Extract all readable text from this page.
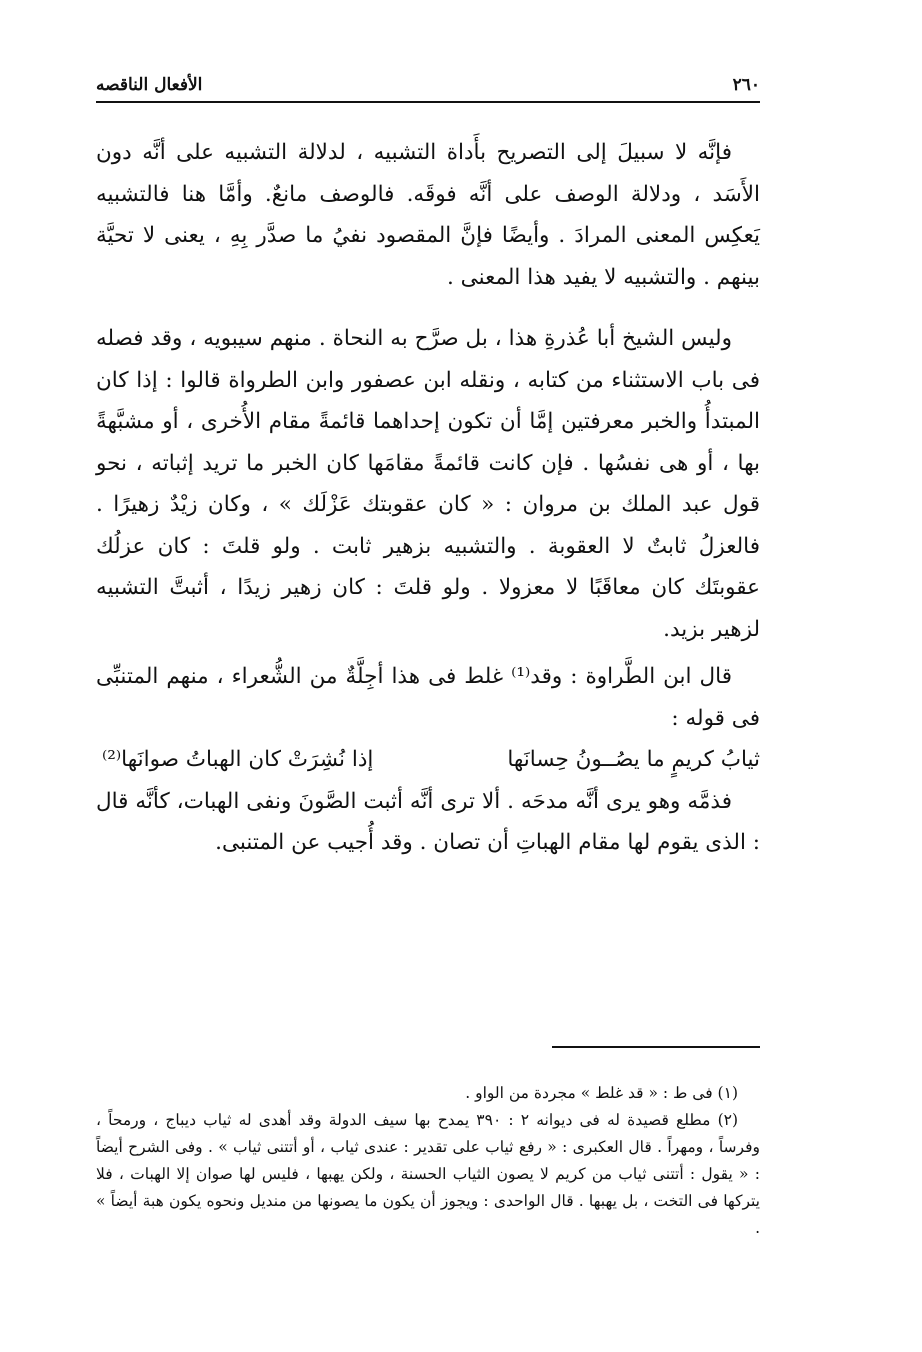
٢٦٠
الأفعال الناقصه

فإنَّه لا سبيلَ إلى التصريح بأَداة التشبيه ، لدلالة التشبيه على أنَّه دون الأَسَد ، ودلالة الوصف على أنَّه فوقَه. فالوصف مانعٌ. وأمَّا هنا فالتشبيه يَعكِس المعنى المرادَ . وأيضًا فإنَّ المقصود نفيُ ما صدَّر بِهِ ، يعنى لا تحيَّة بينهم . والتشبيه لا يفيد هذا المعنى .

وليس الشيخ أبا عُذرةِ هذا ، بل صرَّح به النحاة . منهم سيبويه ، وقد فصله فى باب الاستثناء من كتابه ، ونقله ابن عصفور وابن الطرواة قالوا : إذا كان المبتدأُ والخبر معرفتين إمَّا أن تكون إحداهما قائمةً مقام الأُخرى ، أو مشبَّهةً بها ، أو هى نفسُها . فإن كانت قائمةً مقامَها كان الخبر ما تريد إثباته ، نحو قول عبد الملك بن مروان : « كان عقوبتك عَزْلَك » ، وكان زيْدٌ زهيرًا . فالعزلُ ثابتٌ لا العقوبة . والتشبيه بزهير ثابت . ولو قلتَ : كان عزلُك عقوبتَك كان معاقَبًا لا معزولا . ولو قلتَ : كان زهير زيدًا ، أثبتَّ التشبيه لزهير بزيد.

قال ابن الطَّراوة : وقد⁽¹⁾ غلط فى هذا أجِلَّةٌ من الشُّعراء ، منهم المتنبِّى فى قوله :

ثيابُ كريمٍ ما يصُــونُ حِسانَها
إذا نُشِرَتْ كان الهباتُ صوانَها⁽²⁾

فذمَّه وهو يرى أنَّه مدحَه . ألا ترى أنَّه أثبت الصَّونَ ونفى الهبات، كأنَّه قال : الذى يقوم لها مقام الهباتِ أن تصان . وقد أُجيب عن المتنبى.

(١) فى ط : « قد غلط » مجردة من الواو .

(٢) مطلع قصيدة له فى ديوانه ٢ : ٣٩٠ يمدح بها سيف الدولة وقد أهدى له ثياب ديباج ، ورمحاً ، وفرساً ، ومهراً . قال العكبرى : « رفع ثياب على تقدير : عندى ثياب ، أو أتتنى ثياب » . وفى الشرح أيضاً : « يقول : أتتنى ثياب من كريم لا يصون الثياب الحسنة ، ولكن يهبها ، فليس لها صوان إلا الهبات ، فلا يتركها فى التخت ، بل يهبها . قال الواحدى : ويجوز أن يكون ما يصونها من منديل ونحوه يكون هبة أيضاً » .
